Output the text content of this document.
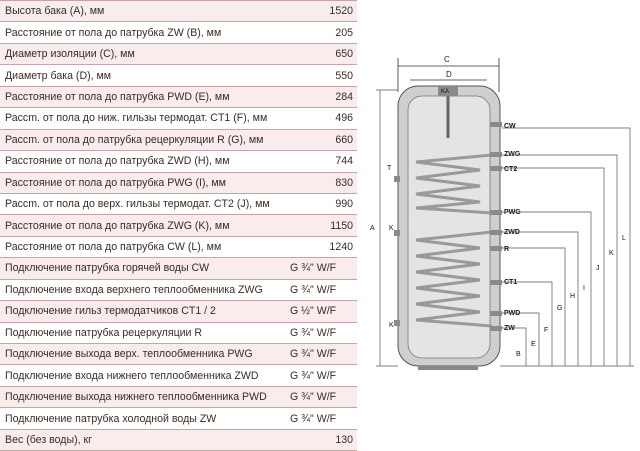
Высота бака (А), мм	1520
Расстояние от пола до патрубка ZW (B), мм	205
Диаметр изоляции (С), мм	650
Диаметр бака (D), мм	550
Расстояние от пола до патрубка PWD (E), мм	284
Рассm. от пола до ниж. гильзы термодат. CT1 (F), мм	496
Рассm. от пола до патрубка рецеркуляции R (G), мм	660
Расстояние от пола до патрубка ZWD (H), мм	744
Расстояние от пола до патрубка PWG (I), мм	830
Рассm. от пола до верх. гильзы термодат. CT2 (J), мм	990
Расстояние от пола до патрубка ZWG (K), мм	1150
Расстояние от пола до патрубка CW (L), мм	1240
Подключение патрубка горячей воды CW	G ¾" W/F
Подключение входа верхнего теплообменника ZWG	G ¾" W/F
Подключение гильз термодатчиков CT1 / 2	G ½" W/F
Подключение патрубка рецеркуляции R	G ¾" W/F
Подключение выхода верх. теплообменника PWG	G ¾" W/F
Подключение входа нижнего теплообменника ZWD	G ¾" W/F
Подключение выхода нижнего теплообменника PWD	G ¾" W/F
Подключение патрубка холодной воды ZW	G ¾" W/F
Вес (без воды), кг	130
C
D
KA
CW
ZWG
CT2
PWG
ZWD
R
CT1
PWD
ZW
T
K
K
A
L
K
J
I
H
G
F
E
B
